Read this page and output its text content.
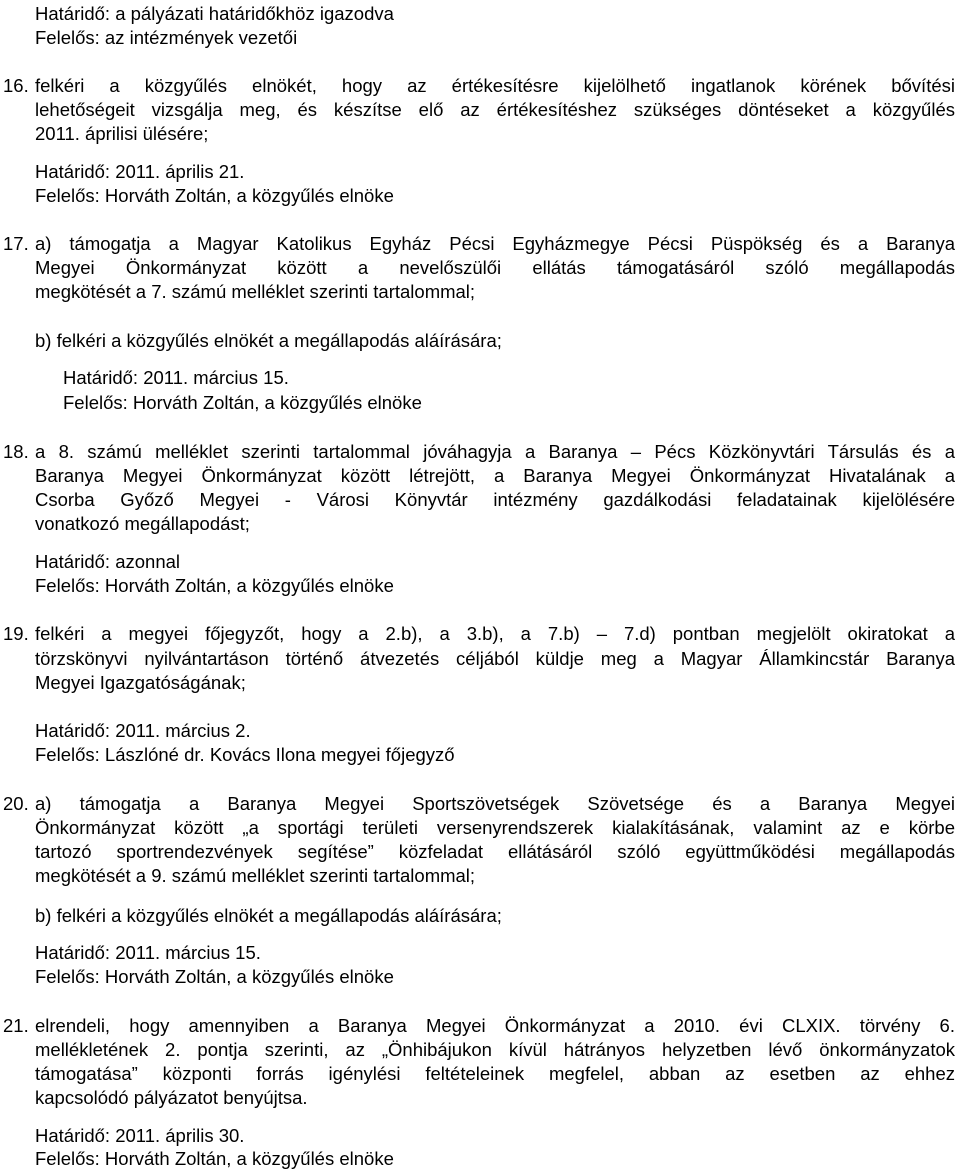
Határidő: a pályázati határidőkhöz igazodva
Felelős: az intézmények vezetői
16. felkéri a közgyűlés elnökét, hogy az értékesítésre kijelölhető ingatlanok körének bővítési
lehetőségeit vizsgálja meg, és készítse elő az értékesítéshez szükséges döntéseket a közgyűlés
2011. áprilisi ülésére;
Határidő: 2011. április 21.
Felelős: Horváth Zoltán, a közgyűlés elnöke
17. a) támogatja a Magyar Katolikus Egyház Pécsi Egyházmegye Pécsi Püspökség és a Baranya
Megyei Önkormányzat között a nevelőszülői ellátás támogatásáról szóló megállapodás
megkötését a 7. számú melléklet szerinti tartalommal;
b) felkéri a közgyűlés elnökét a megállapodás aláírására;
Határidő: 2011. március 15.
Felelős: Horváth Zoltán, a közgyűlés elnöke
18. a 8. számú melléklet szerinti tartalommal jóváhagyja a Baranya – Pécs Közkönyvtári Társulás és a
Baranya Megyei Önkormányzat között létrejött, a Baranya Megyei Önkormányzat Hivatalának a
Csorba Győző Megyei - Városi Könyvtár intézmény gazdálkodási feladatainak kijelölésére
vonatkozó megállapodást;
Határidő: azonnal
Felelős: Horváth Zoltán, a közgyűlés elnöke
19. felkéri a megyei főjegyzőt, hogy a 2.b), a 3.b), a 7.b) – 7.d) pontban megjelölt okiratokat a
törzskönyvi nyilvántartáson történő átvezetés céljából küldje meg a Magyar Államkincstár Baranya
Megyei Igazgatóságának;
Határidő: 2011. március 2.
Felelős: Lászlóné dr. Kovács Ilona megyei főjegyző
20. a) támogatja a Baranya Megyei Sportszövetségek Szövetsége és a Baranya Megyei
Önkormányzat között „a sportági területi versenyrendszerek kialakításának, valamint az e körbe
tartozó sportrendezvények segítése” közfeladat ellátásáról szóló együttműködési megállapodás
megkötését a 9. számú melléklet szerinti tartalommal;
b) felkéri a közgyűlés elnökét a megállapodás aláírására;
Határidő: 2011. március 15.
Felelős: Horváth Zoltán, a közgyűlés elnöke
21. elrendeli, hogy amennyiben a Baranya Megyei Önkormányzat a 2010. évi CLXIX. törvény 6.
mellékletének 2. pontja szerinti, az „Önhibájukon kívül hátrányos helyzetben lévő önkormányzatok
támogatása” központi forrás igénylési feltételeinek megfelel, abban az esetben az ehhez
kapcsolódó pályázatot benyújtsa.
Határidő: 2011. április 30.
Felelős: Horváth Zoltán, a közgyűlés elnöke
